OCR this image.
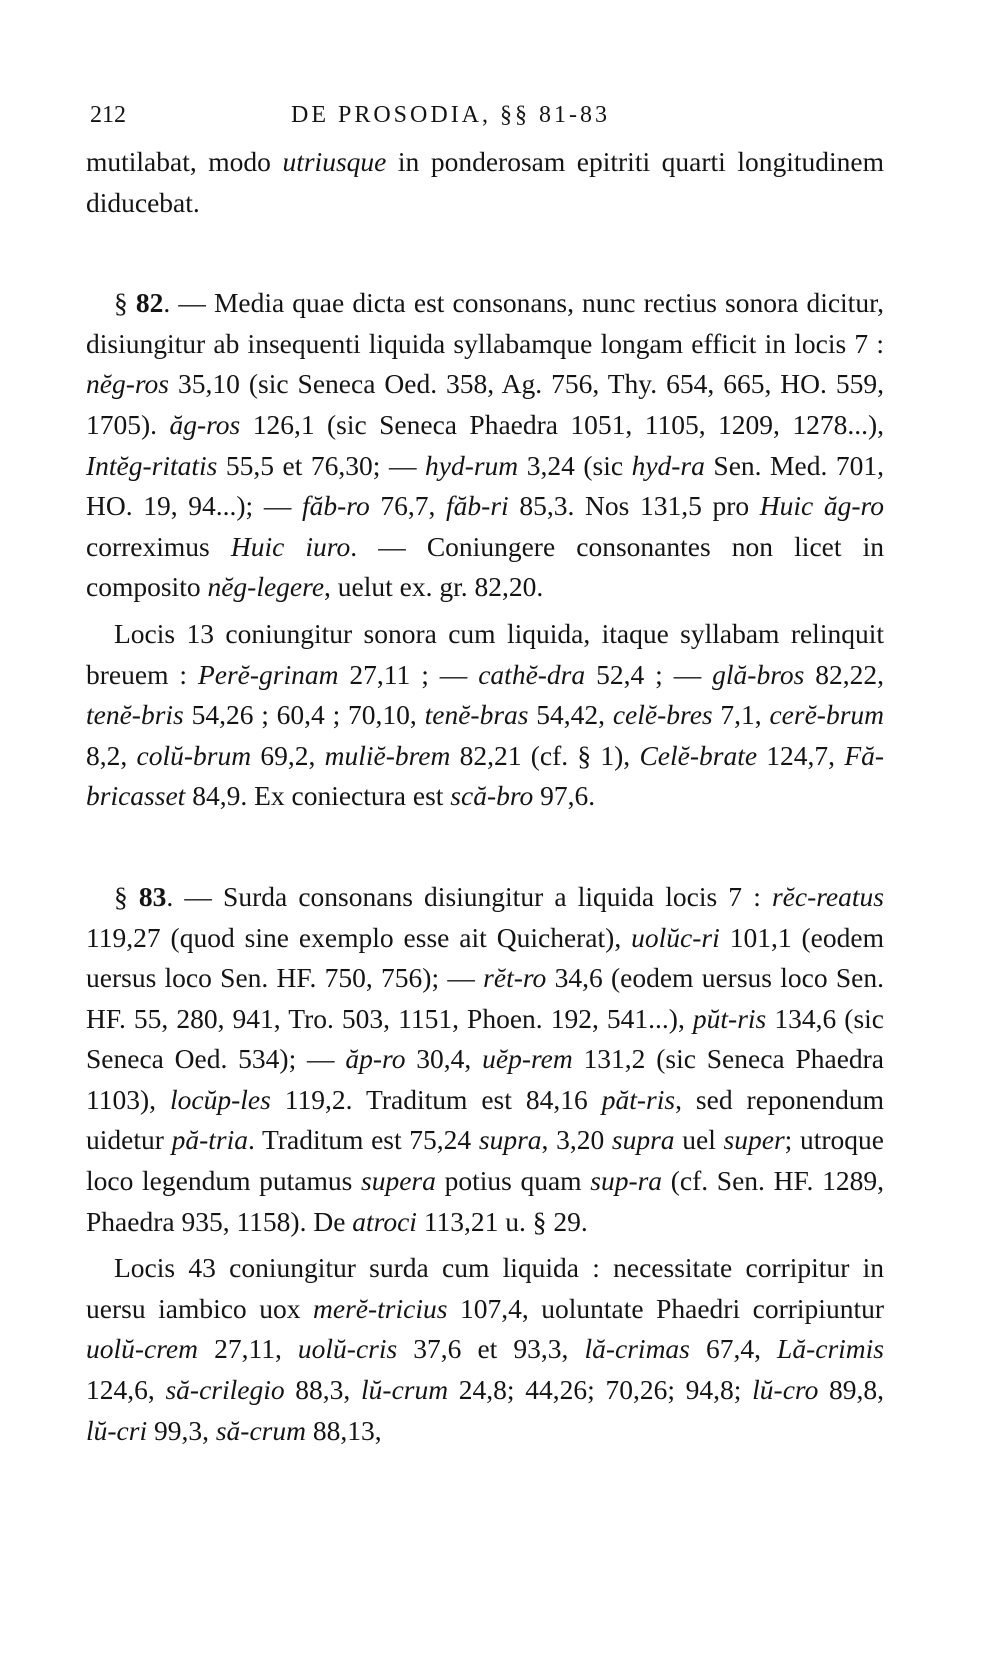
212	DE PROSODIA, §§ 81-83

mutilabat, modo utriusque in ponderosam epitriti quarti longitudinem diducebat.

§ 82. — Media quae dicta est consonans, nunc rectius sonora dicitur, disiungitur ab insequenti liquida syllabamque longam efficit in locis 7 : nĕg-ros 35,10 (sic Seneca Oed. 358, Ag. 756, Thy. 654, 665, HO. 559, 1705). ăg-ros 126,1 (sic Seneca Phaedra 1051, 1105, 1209, 1278...), Intĕg-ritatis 55,5 et 76,30; — hyd-rum 3,24 (sic hyd-ra Sen. Med. 701, HO. 19, 94...); — făb-ro 76,7, făb-ri 85,3. Nos 131,5 pro Huic ăg-ro correximus Huic iuro. — Coniungere consonantes non licet in composito nĕg-legere, uelut ex. gr. 82,20.

Locis 13 coniungitur sonora cum liquida, itaque syllabam relinquit breuem : Perĕ-grinam 27,11 ; — cathĕ-dra 52,4 ; — glă-bros 82,22, tenĕ-bris 54,26 ; 60,4 ; 70,10, tenĕ-bras 54,42, celĕ-bres 7,1, cerĕ-brum 8,2, colŭ-brum 69,2, muliĕ-brem 82,21 (cf. § 1), Celĕ-brate 124,7, Fă-bricasset 84,9. Ex coniectura est scă-bro 97,6.

§ 83. — Surda consonans disiungitur a liquida locis 7 : rĕc-reatus 119,27 (quod sine exemplo esse ait Quicherat), uolŭc-ri 101,1 (eodem uersus loco Sen. HF. 750, 756); — rĕt-ro 34,6 (eodem uersus loco Sen. HF. 55, 280, 941, Tro. 503, 1151, Phoen. 192, 541...), pŭt-ris 134,6 (sic Seneca Oed. 534); — ăp-ro 30,4, uĕp-rem 131,2 (sic Seneca Phaedra 1103), locŭp-les 119,2. Traditum est 84,16 păt-ris, sed reponendum uidetur pă-tria. Traditum est 75,24 supra, 3,20 supra uel super; utroque loco legendum putamus supera potius quam sup-ra (cf. Sen. HF. 1289, Phaedra 935, 1158). De atroci 113,21 u. § 29.

Locis 43 coniungitur surda cum liquida : necessitate corripitur in uersu iambico uox merĕ-tricius 107,4, uoluntate Phaedri corripiuntur uolŭ-crem 27,11, uolŭ-cris 37,6 et 93,3, lă-crimas 67,4, Lă-crimis 124,6, să-crilegio 88,3, lŭ-crum 24,8; 44,26; 70,26; 94,8; lŭ-cro 89,8, lŭ-cri 99,3, să-crum 88,13,
